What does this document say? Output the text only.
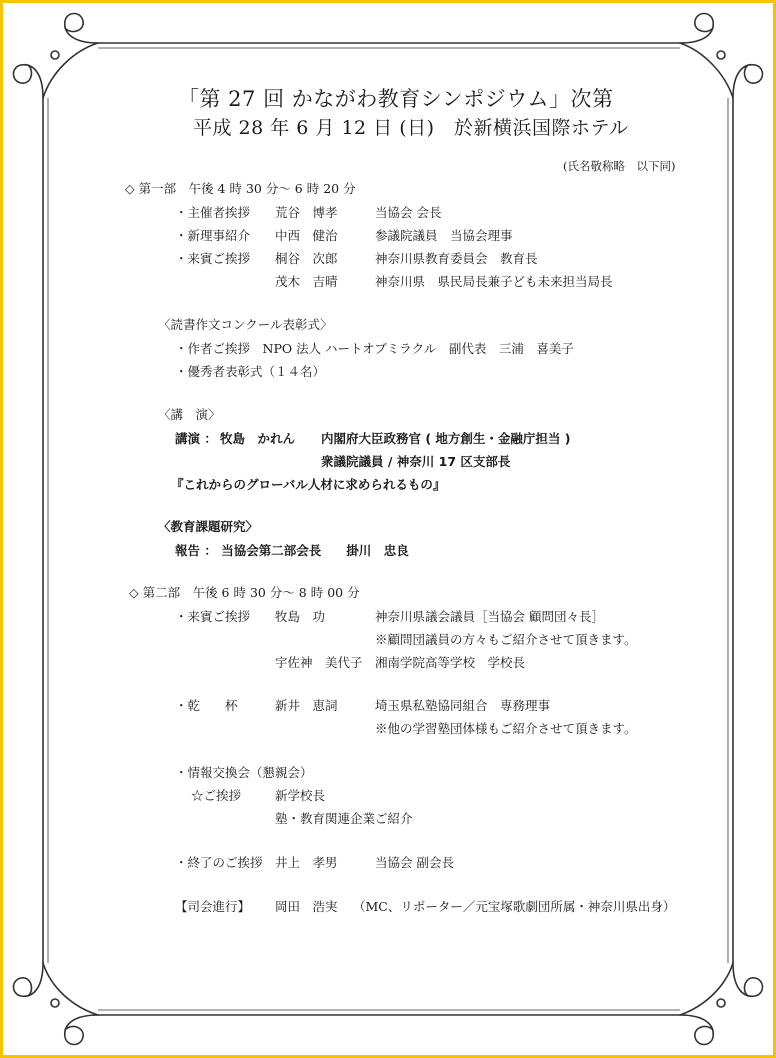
「第 27 回 かながわ教育シンポジウム」次第
平成 28 年 6 月 12 日 (日)　於新横浜国際ホテル
(氏名敬称略　以下同)
◇ 第一部　午後 4 時 30 分〜 6 時 20 分
・主催者挨拶 荒谷　博孝	当協会 会長
・新理事紹介 中西　健治	参議院議員　当協会理事
・来賓ご挨拶 桐谷　次郎	神奈川県教育委員会　教育長
茂木　吉晴	神奈川県　県民局長兼子ども未来担当局長
〈読書作文コンクール表彰式〉
・作者ご挨拶　NPO 法人 ハートオブミラクル　副代表　三浦　喜美子
・優秀者表彰式（１４名）
〈講　演〉
講演 ： 牧島　かれん 内閣府大臣政務官 ( 地方創生・金融庁担当 )
衆議院議員 / 神奈川 17 区支部長
『これからのグローバル人材に求められるもの』
〈教育課題研究〉
報告 ： 当協会第二部会長　　掛川　忠良
◇ 第二部　午後 6 時 30 分〜 8 時 00 分
・来賓ご挨拶 牧島　功	神奈川県議会議員［当協会 顧問団々長］
※顧問団議員の方々もご紹介させて頂きます。
宇佐神　美代子 湘南学院高等学校　学校長
・乾　　杯	新井　恵詞	埼玉県私塾協同組合　専務理事
※他の学習塾団体様もご紹介させて頂きます。
・情報交換会（懇親会）
☆ご挨拶	新学校長
塾・教育関連企業ご紹介
・終了のご挨拶 井上　孝男	当協会 副会長
【司会進行】 岡田　浩実 （MC、リポーター／元宝塚歌劇団所属・神奈川県出身）
